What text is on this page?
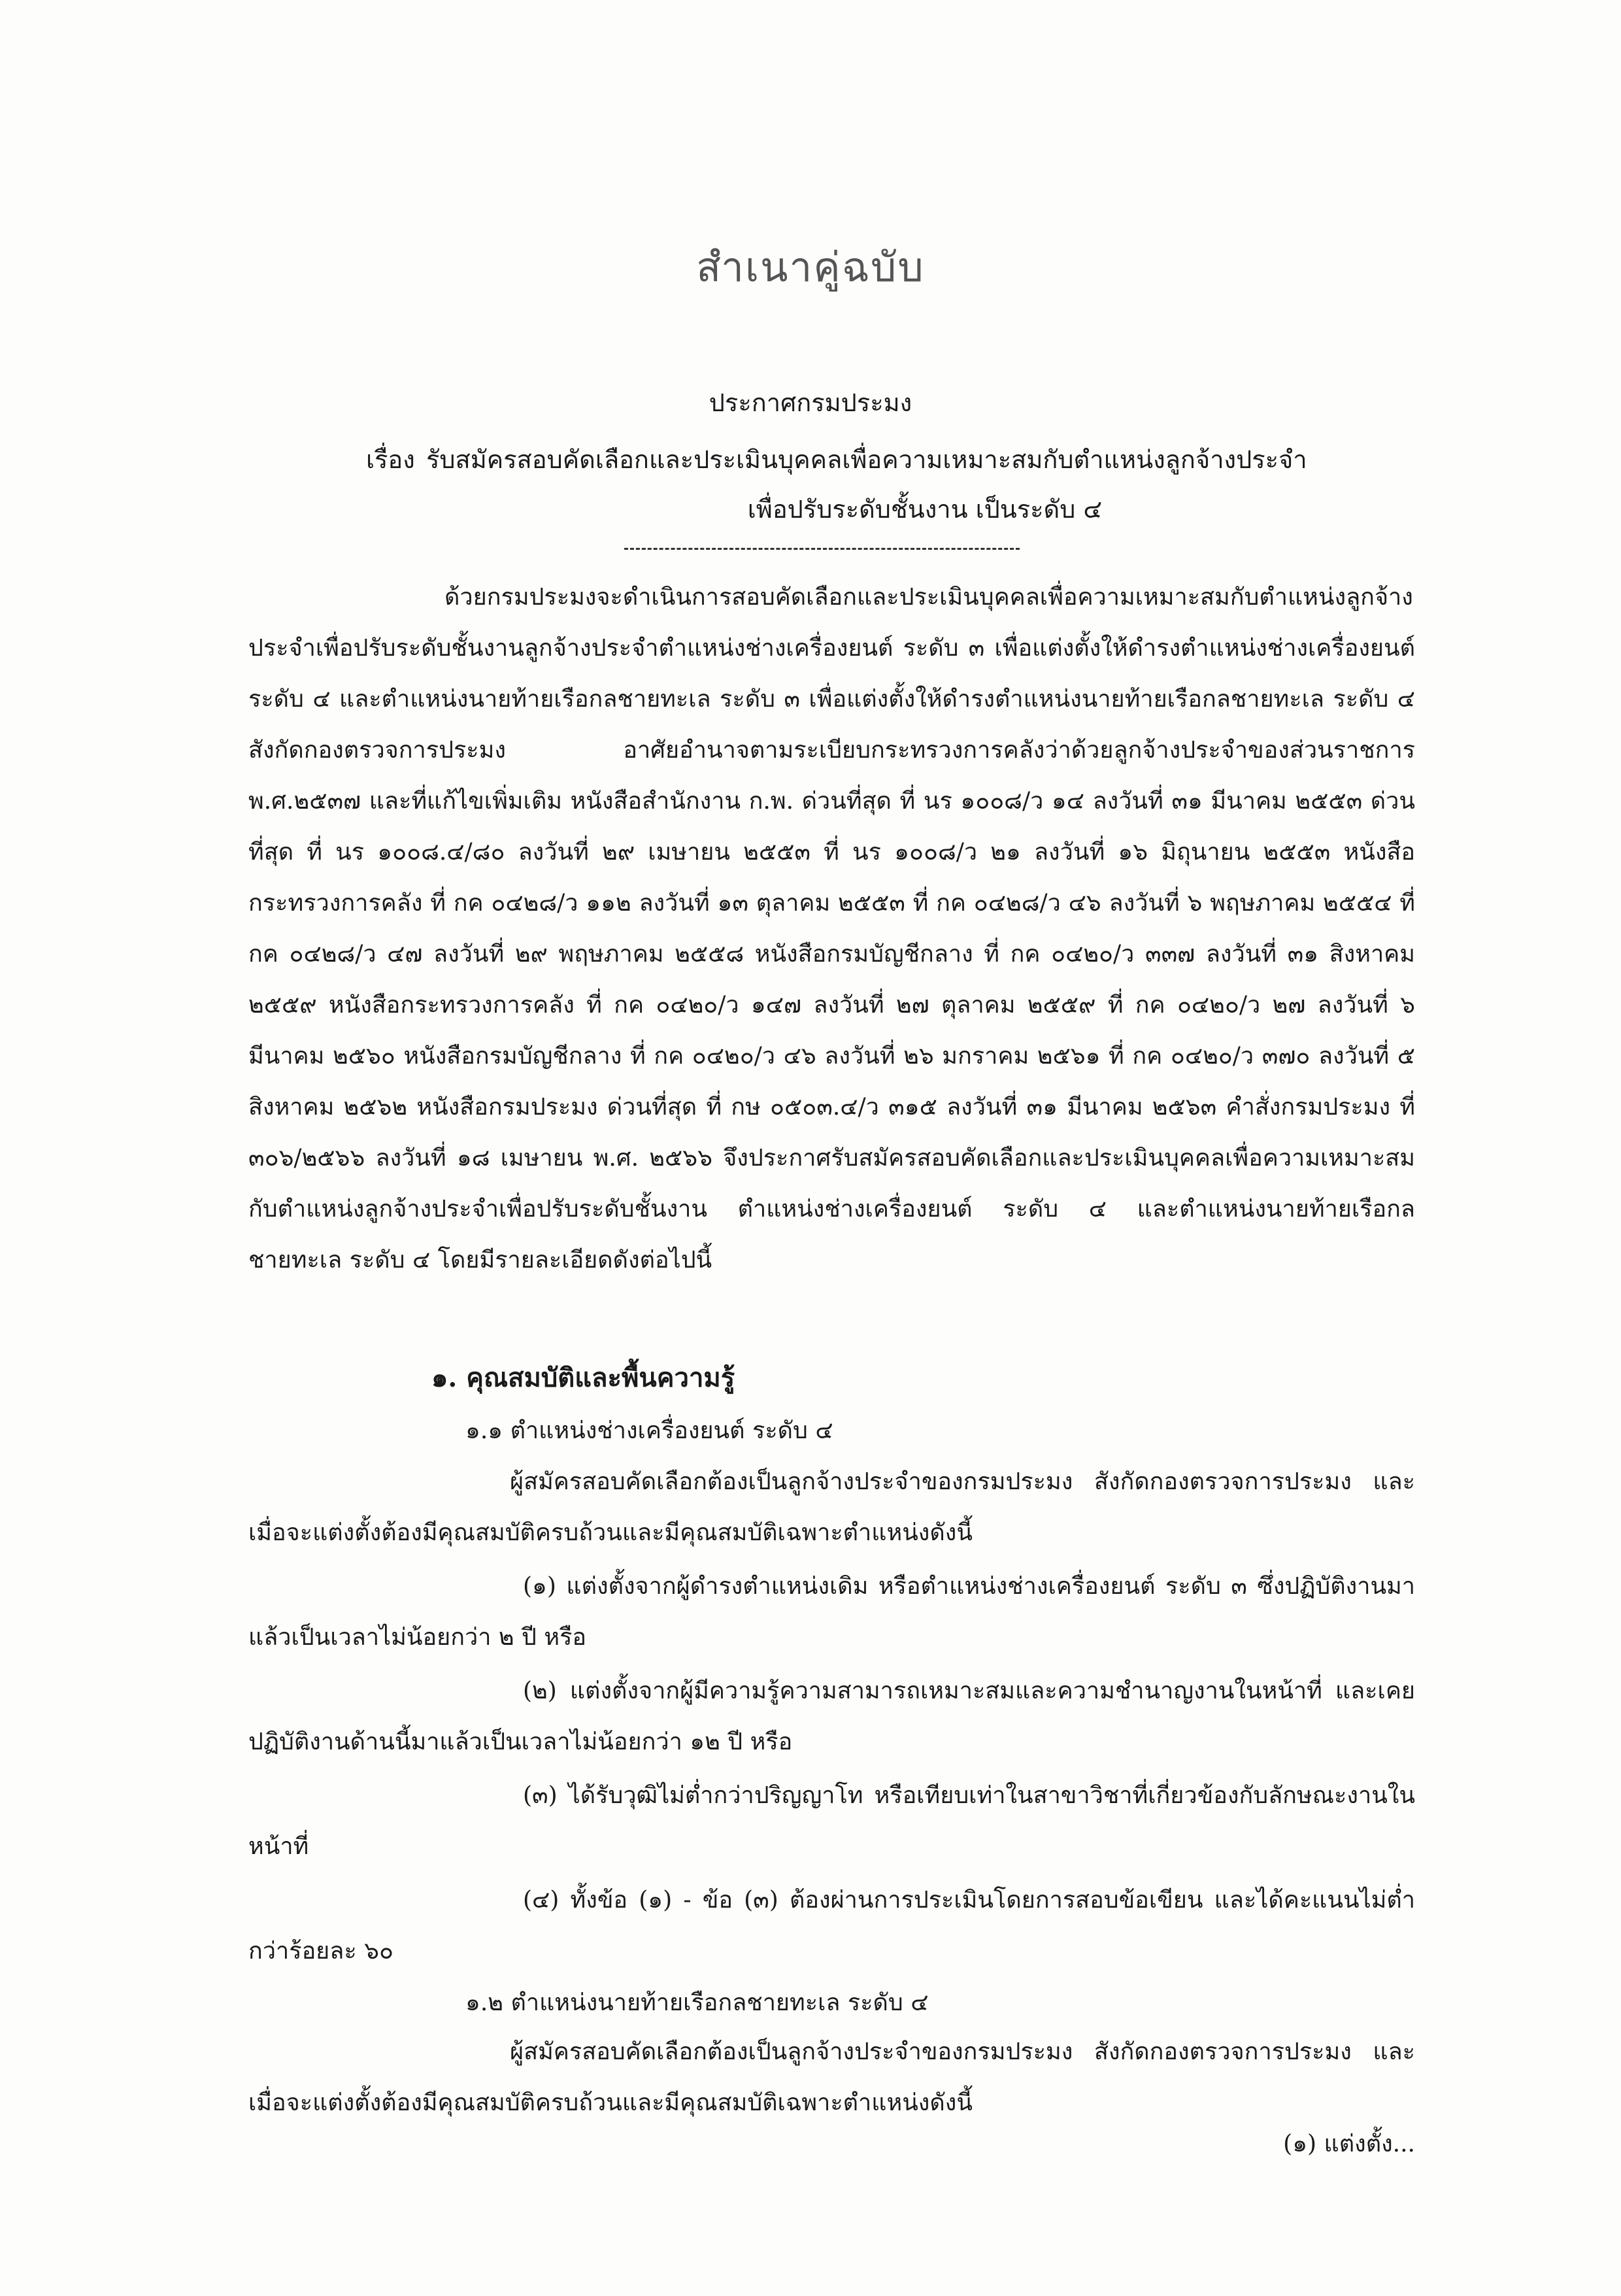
สำเนาคู่ฉบับ
ประกาศกรมประมง
เรื่อง รับสมัครสอบคัดเลือกและประเมินบุคคลเพื่อความเหมาะสมกับตำแหน่งลูกจ้างประจำ
เพื่อปรับระดับชั้นงาน เป็นระดับ ๔

ด้วยกรมประมงจะดำเนินการสอบคัดเลือกและประเมินบุคคลเพื่อความเหมาะสมกับตำแหน่งลูกจ้างประจำเพื่อปรับระดับชั้นงานลูกจ้างประจำตำแหน่งช่างเครื่องยนต์ ระดับ ๓ เพื่อแต่งตั้งให้ดำรงตำแหน่งช่างเครื่องยนต์ ระดับ ๔ และตำแหน่งนายท้ายเรือกลชายทะเล ระดับ ๓ เพื่อแต่งตั้งให้ดำรงตำแหน่งนายท้ายเรือกลชายทะเล ระดับ ๔ สังกัดกองตรวจการประมง อาศัยอำนาจตามระเบียบกระทรวงการคลังว่าด้วยลูกจ้างประจำของส่วนราชการ พ.ศ.๒๕๓๗ และที่แก้ไขเพิ่มเติม หนังสือสำนักงาน ก.พ. ด่วนที่สุด ที่ นร ๑๐๐๘/ว ๑๔ ลงวันที่ ๓๑ มีนาคม ๒๕๕๓ ด่วนที่สุด ที่ นร ๑๐๐๘.๔/๘๐ ลงวันที่ ๒๙ เมษายน ๒๕๕๓ ที่ นร ๑๐๐๘/ว ๒๑ ลงวันที่ ๑๖ มิถุนายน ๒๕๕๓ หนังสือกระทรวงการคลัง ที่ กค ๐๔๒๘/ว ๑๑๒ ลงวันที่ ๑๓ ตุลาคม ๒๕๕๓ ที่ กค ๐๔๒๘/ว ๔๖ ลงวันที่ ๖ พฤษภาคม ๒๕๕๔ ที่ กค ๐๔๒๘/ว ๔๗ ลงวันที่ ๒๙ พฤษภาคม ๒๕๕๘ หนังสือกรมบัญชีกลาง ที่ กค ๐๔๒๐/ว ๓๓๗ ลงวันที่ ๓๑ สิงหาคม ๒๕๕๙ หนังสือกระทรวงการคลัง ที่ กค ๐๔๒๐/ว ๑๔๗ ลงวันที่ ๒๗ ตุลาคม ๒๕๕๙ ที่ กค ๐๔๒๐/ว ๒๗ ลงวันที่ ๖ มีนาคม ๒๕๖๐ หนังสือกรมบัญชีกลาง ที่ กค ๐๔๒๐/ว ๔๖ ลงวันที่ ๒๖ มกราคม ๒๕๖๑ ที่ กค ๐๔๒๐/ว ๓๗๐ ลงวันที่ ๕ สิงหาคม ๒๕๖๒ หนังสือกรมประมง ด่วนที่สุด ที่ กษ ๐๕๐๓.๔/ว ๓๑๕ ลงวันที่ ๓๑ มีนาคม ๒๕๖๓ คำสั่งกรมประมง ที่ ๓๐๖/๒๕๖๖ ลงวันที่ ๑๘ เมษายน พ.ศ. ๒๕๖๖ จึงประกาศรับสมัครสอบคัดเลือกและประเมินบุคคลเพื่อความเหมาะสมกับตำแหน่งลูกจ้างประจำเพื่อปรับระดับชั้นงาน ตำแหน่งช่างเครื่องยนต์ ระดับ ๔ และตำแหน่งนายท้ายเรือกลชายทะเล ระดับ ๔ โดยมีรายละเอียดดังต่อไปนี้

๑. คุณสมบัติและพื้นความรู้

๑.๑ ตำแหน่งช่างเครื่องยนต์ ระดับ ๔

ผู้สมัครสอบคัดเลือกต้องเป็นลูกจ้างประจำของกรมประมง สังกัดกองตรวจการประมง และเมื่อจะแต่งตั้งต้องมีคุณสมบัติครบถ้วนและมีคุณสมบัติเฉพาะตำแหน่งดังนี้

(๑) แต่งตั้งจากผู้ดำรงตำแหน่งเดิม หรือตำแหน่งช่างเครื่องยนต์ ระดับ ๓ ซึ่งปฏิบัติงานมาแล้วเป็นเวลาไม่น้อยกว่า ๒ ปี หรือ

(๒) แต่งตั้งจากผู้มีความรู้ความสามารถเหมาะสมและความชำนาญงานในหน้าที่ และเคยปฏิบัติงานด้านนี้มาแล้วเป็นเวลาไม่น้อยกว่า ๑๒ ปี หรือ

(๓) ได้รับวุฒิไม่ต่ำกว่าปริญญาโท หรือเทียบเท่าในสาขาวิชาที่เกี่ยวข้องกับลักษณะงานในหน้าที่

(๔) ทั้งข้อ (๑) - ข้อ (๓) ต้องผ่านการประเมินโดยการสอบข้อเขียน และได้คะแนนไม่ต่ำกว่าร้อยละ ๖๐

๑.๒ ตำแหน่งนายท้ายเรือกลชายทะเล ระดับ ๔

ผู้สมัครสอบคัดเลือกต้องเป็นลูกจ้างประจำของกรมประมง สังกัดกองตรวจการประมง และเมื่อจะแต่งตั้งต้องมีคุณสมบัติครบถ้วนและมีคุณสมบัติเฉพาะตำแหน่งดังนี้

(๑) แต่งตั้ง...
